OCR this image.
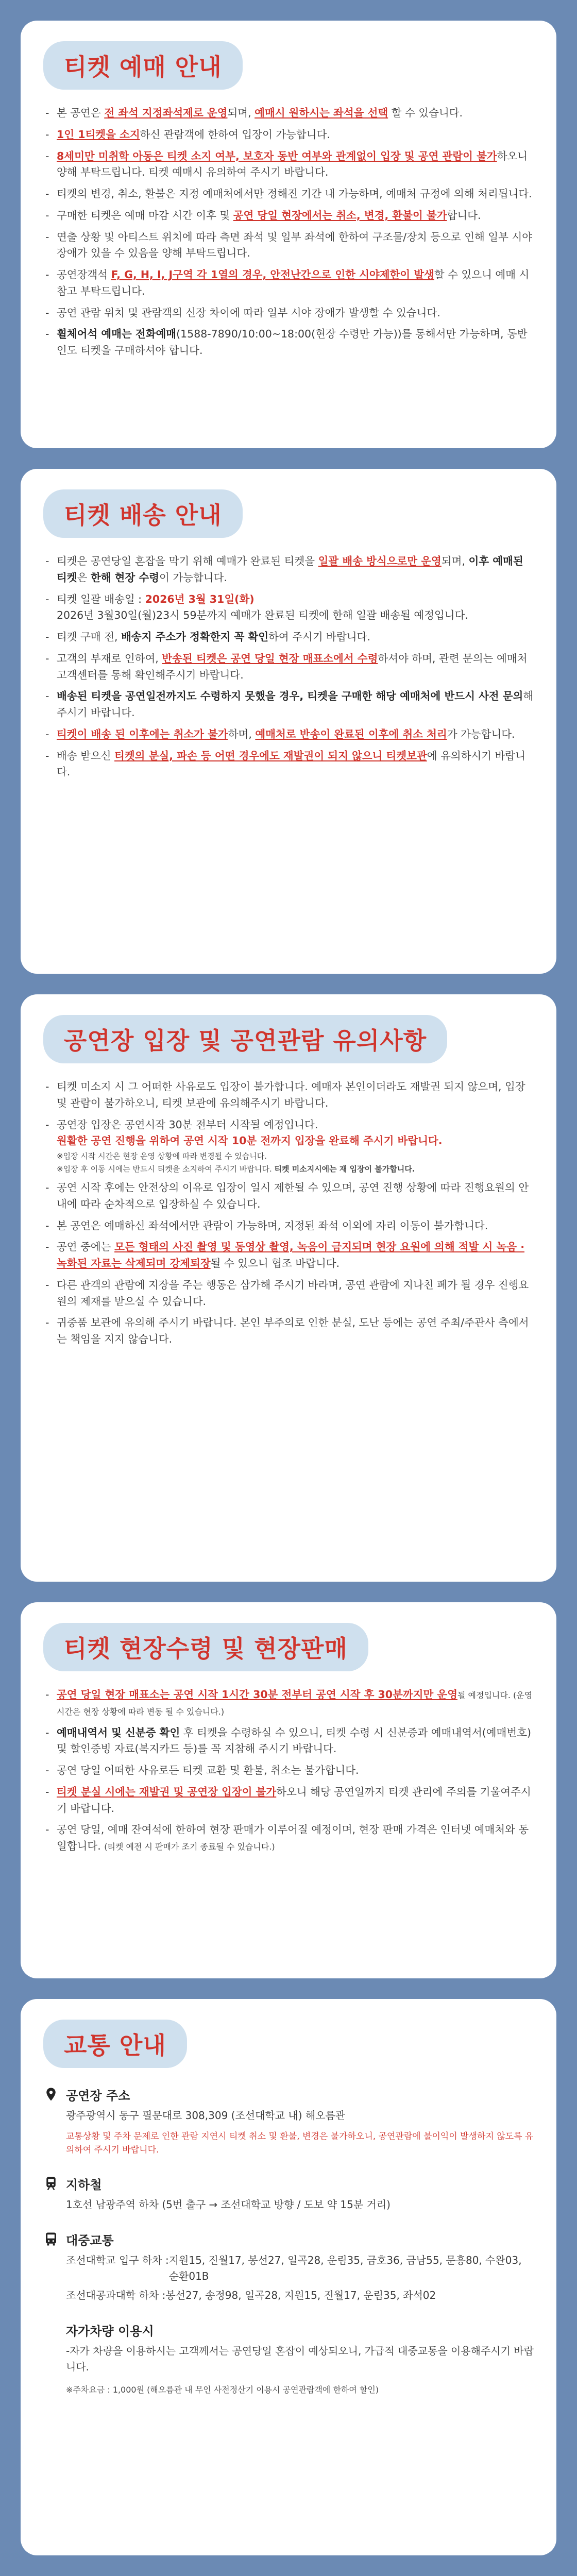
티켓 예매 안내
- 본 공연은 전 좌석 지정좌석제로 운영되며, 예매시 원하시는 좌석을 선택 할 수 있습니다.
- 1인 1티켓을 소지하신 관람객에 한하여 입장이 가능합니다.
- 8세미만 미취학 아동은 티켓 소지 여부, 보호자 동반 여부와 관계없이 입장 및 공연 관람이 불가하오니 양해 부탁드립니다. 티켓 예매시 유의하여 주시기 바랍니다.
- 티켓의 변경, 취소, 환불은 지정 예매처에서만 정해진 기간 내 가능하며, 예매처 규정에 의해 처리됩니다.
- 구매한 티켓은 예매 마감 시간 이후 및 공연 당일 현장에서는 취소, 변경, 환불이 불가합니다.
- 연출 상황 및 아티스트 위치에 따라 측면 좌석 및 일부 좌석에 한하여 구조물/장치 등으로 인해 일부 시야장애가 있을 수 있음을 양해 부탁드립니다.
- 공연장객석 F, G, H, I, J구역 각 1열의 경우, 안전난간으로 인한 시야제한이 발생할 수 있으니 예매 시 참고 부탁드립니다.
- 공연 관람 위치 및 관람객의 신장 차이에 따라 일부 시야 장애가 발생할 수 있습니다.
- 휠체어석 예매는 전화예매(1588-7890/10:00~18:00(현장 수령만 가능))를 통해서만 가능하며, 동반인도 티켓을 구매하셔야 합니다.
티켓 배송 안내
- 티켓은 공연당일 혼잡을 막기 위해 예매가 완료된 티켓을 일괄 배송 방식으로만 운영되며, 이후 예매된 티켓은 한해 현장 수령이 가능합니다.
- 티켓 일괄 배송일 : 2026년 3월 31일(화)
2026년 3월30일(월)23시 59분까지 예매가 완료된 티켓에 한해 일괄 배송될 예정입니다.
- 티켓 구매 전, 배송지 주소가 정확한지 꼭 확인하여 주시기 바랍니다.
- 고객의 부재로 인하여, 반송된 티켓은 공연 당일 현장 매표소에서 수령하셔야 하며, 관련 문의는 예매처 고객센터를 통해 확인해주시기 바랍니다.
- 배송된 티켓을 공연일전까지도 수령하지 못했을 경우, 티켓을 구매한 해당 예매처에 반드시 사전 문의해주시기 바랍니다.
- 티켓이 배송 된 이후에는 취소가 불가하며, 예매처로 반송이 완료된 이후에 취소 처리가 가능합니다.
- 배송 받으신 티켓의 분실, 파손 등 어떤 경우에도 재발권이 되지 않으니 티켓보관에 유의하시기 바랍니다.
공연장 입장 및 공연관람 유의사항
- 티켓 미소지 시 그 어떠한 사유로도 입장이 불가합니다. 예매자 본인이더라도 재발권 되지 않으며, 입장 및 관람이 불가하오니, 티켓 보관에 유의해주시기 바랍니다.
- 공연장 입장은 공연시작 30분 전부터 시작될 예정입니다.
원활한 공연 진행을 위하여 공연 시작 10분 전까지 입장을 완료해 주시기 바랍니다.
※입장 시작 시간은 현장 운영 상황에 따라 변경될 수 있습니다.
※입장 후 이동 시에는 반드시 티켓을 소지하여 주시기 바랍니다. 티켓 미소지시에는 재 입장이 불가합니다.
- 공연 시작 후에는 안전상의 이유로 입장이 일시 제한될 수 있으며, 공연 진행 상황에 따라 진행요원의 안내에 따라 순차적으로 입장하실 수 있습니다.
- 본 공연은 예매하신 좌석에서만 관람이 가능하며, 지정된 좌석 이외에 자리 이동이 불가합니다.
- 공연 중에는 모든 형태의 사진 촬영 및 동영상 촬영, 녹음이 금지되며 현장 요원에 의해 적발 시 녹음 · 녹화된 자료는 삭제되며 강제퇴장될 수 있으니 협조 바랍니다.
- 다른 관객의 관람에 지장을 주는 행동은 삼가해 주시기 바라며, 공연 관람에 지나친 폐가 될 경우 진행요원의 제재를 받으실 수 있습니다.
- 귀중품 보관에 유의해 주시기 바랍니다. 본인 부주의로 인한 분실, 도난 등에는 공연 주최/주관사 측에서는 책임을 지지 않습니다.
티켓 현장수령 및 현장판매
- 공연 당일 현장 매표소는 공연 시작 1시간 30분 전부터 공연 시작 후 30분까지만 운영될 예정입니다. (운영 시간은 현장 상황에 따라 변동 될 수 있습니다.)
- 예매내역서 및 신분증 확인 후 티켓을 수령하실 수 있으니, 티켓 수령 시 신분증과 예매내역서(예매번호) 및 할인증빙 자료(복지카드 등)를 꼭 지참해 주시기 바랍니다.
- 공연 당일 어떠한 사유로든 티켓 교환 및 환불, 취소는 불가합니다.
- 티켓 분실 시에는 재발권 및 공연장 입장이 불가하오니 해당 공연일까지 티켓 관리에 주의를 기울여주시기 바랍니다.
- 공연 당일, 예매 잔여석에 한하여 현장 판매가 이루어질 예정이며, 현장 판매 가격은 인터넷 예매처와 동일합니다. (티켓 예전 시 판매가 조기 종료될 수 있습니다.)
교통 안내
공연장 주소

광주광역시 동구 필문대로 308,309 (조선대학교 내) 해오름관

교통상황 및 주차 문제로 인한 관람 지연시 티켓 취소 및 환불, 변경은 불가하오니, 공연관람에 불이익이 발생하지 않도록 유의하여 주시기 바랍니다.

지하철

1호선 남광주역 하차 (5번 출구 → 조선대학교 방향 / 도보 약 15분 거리)

대중교통
조선대학교 입구 하차 : 지원15, 진월17, 봉선27, 일곡28, 운림35, 금호36, 금남55, 문흥80, 수완03, 순환01B
조선대공과대학 하차 : 봉선27, 송정98, 일곡28, 지원15, 진월17, 운림35, 좌석02
자가차량 이용시

-자가 차량을 이용하시는 고객께서는 공연당일 혼잡이 예상되오니, 가급적 대중교통을 이용해주시기 바랍니다.

※주차요금 : 1,000원 (해오름관 내 무인 사전정산기 이용시 공연관람객에 한하여 할인)
